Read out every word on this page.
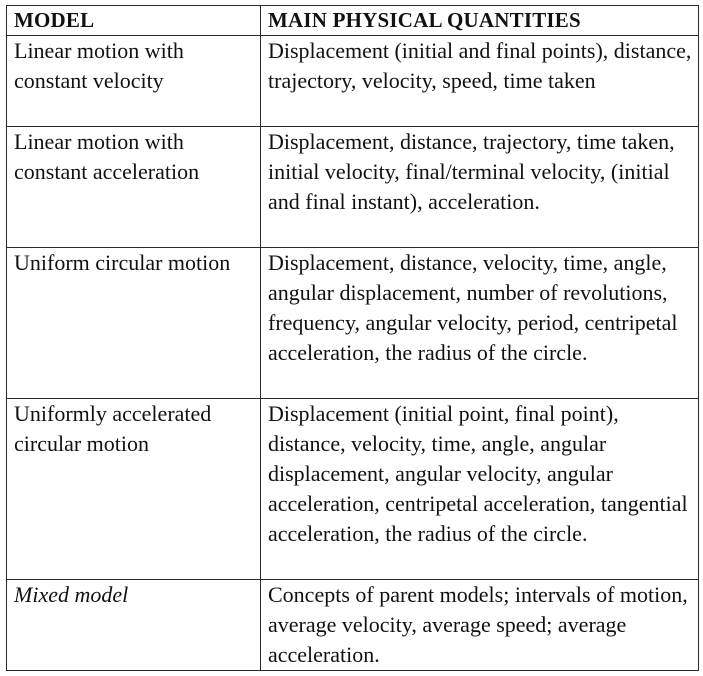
MODEL	MAIN PHYSICAL QUANTITIES
Linear motion with constant velocity	Displacement (initial and final points), distance, trajectory, velocity, speed, time taken
Linear motion with constant acceleration	Displacement, distance, trajectory, time taken, initial velocity, final/terminal velocity, (initial and final instant), acceleration.
Uniform circular motion	Displacement, distance, velocity, time, angle, angular displacement, number of revolutions, frequency, angular velocity, period, centripetal acceleration, the radius of the circle.
Uniformly accelerated circular motion	Displacement (initial point, final point), distance, velocity, time, angle, angular displacement, angular velocity, angular acceleration, centripetal acceleration, tangential acceleration, the radius of the circle.
Mixed model	Concepts of parent models; intervals of motion, average velocity, average speed; average acceleration.
